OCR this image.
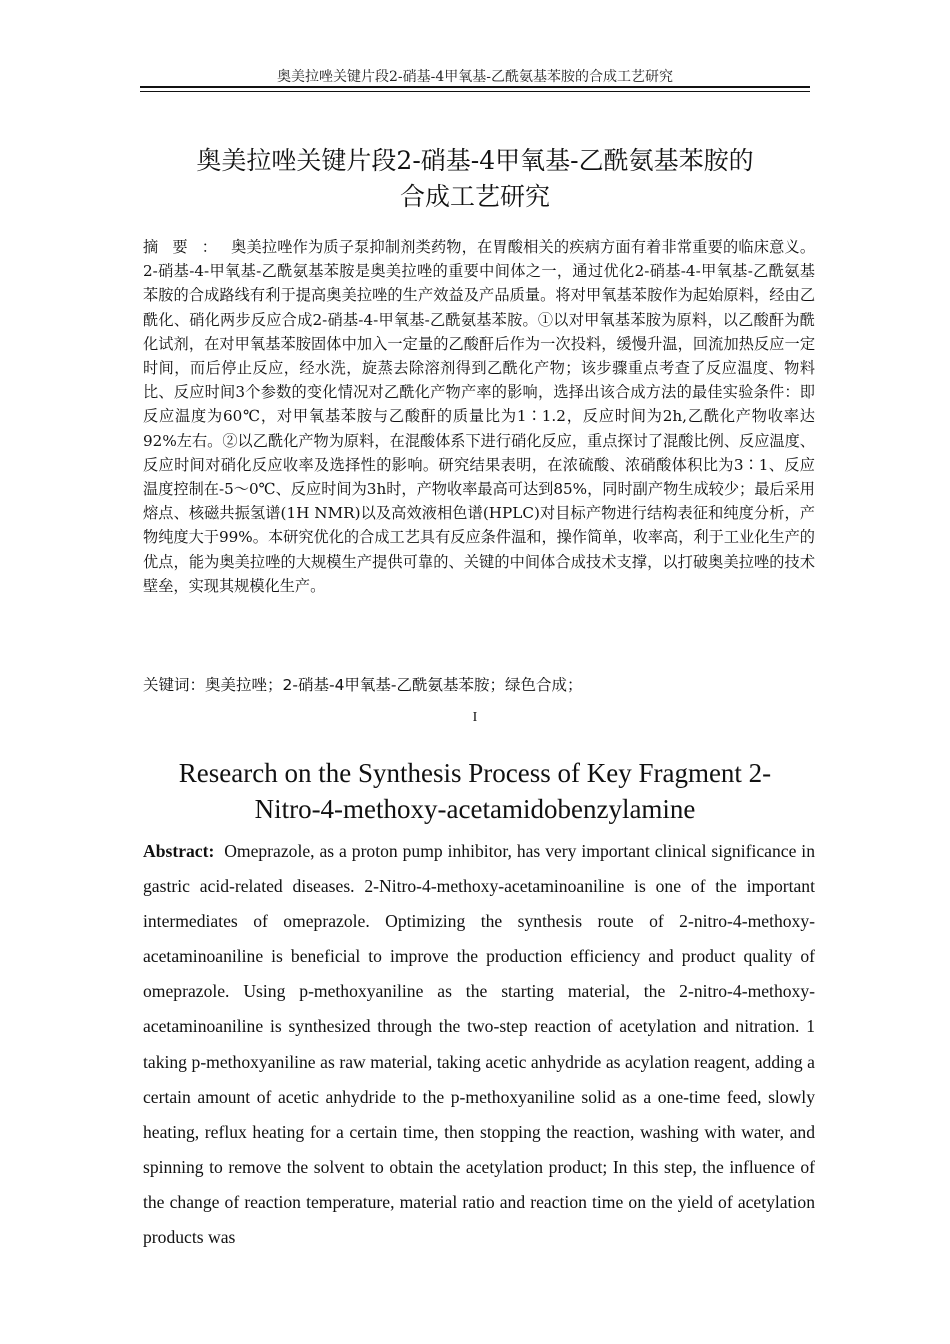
奥美拉唑关键片段2-硝基-4甲氧基-乙酰氨基苯胺的合成工艺研究
奥美拉唑关键片段2-硝基-4甲氧基-乙酰氨基苯胺的
合成工艺研究
摘要：奥美拉唑作为质子泵抑制剂类药物，在胃酸相关的疾病方面有着非常重要的临床意义。2-硝基-4-甲氧基-乙酰氨基苯胺是奥美拉唑的重要中间体之一，通过优化2-硝基-4-甲氧基-乙酰氨基苯胺的合成路线有利于提高奥美拉唑的生产效益及产品质量。将对甲氧基苯胺作为起始原料，经由乙酰化、硝化两步反应合成2-硝基-4-甲氧基-乙酰氨基苯胺。①以对甲氧基苯胺为原料，以乙酸酐为酰化试剂，在对甲氧基苯胺固体中加入一定量的乙酸酐后作为一次投料，缓慢升温，回流加热反应一定时间，而后停止反应，经水洗，旋蒸去除溶剂得到乙酰化产物；该步骤重点考查了反应温度、物料比、反应时间3个参数的变化情况对乙酰化产物产率的影响，选择出该合成方法的最佳实验条件：即反应温度为60℃，对甲氧基苯胺与乙酸酐的质量比为1∶1.2，反应时间为2h,乙酰化产物收率达92%左右。②以乙酰化产物为原料，在混酸体系下进行硝化反应，重点探讨了混酸比例、反应温度、反应时间对硝化反应收率及选择性的影响。研究结果表明，在浓硫酸、浓硝酸体积比为3∶1、反应温度控制在-5～0℃、反应时间为3h时，产物收率最高可达到85%，同时副产物生成较少；最后采用熔点、核磁共振氢谱(1H NMR)以及高效液相色谱(HPLC)对目标产物进行结构表征和纯度分析，产物纯度大于99%。本研究优化的合成工艺具有反应条件温和，操作简单，收率高，利于工业化生产的优点，能为奥美拉唑的大规模生产提供可靠的、关键的中间体合成技术支撑，以打破奥美拉唑的技术壁垒，实现其规模化生产。
关键词：奥美拉唑；2-硝基-4甲氧基-乙酰氨基苯胺；绿色合成；
I
Research on the Synthesis Process of Key Fragment 2-
Nitro-4-methoxy-acetamidobenzylamine
Abstract: Omeprazole, as a proton pump inhibitor, has very important clinical significance in gastric acid-related diseases. 2-Nitro-4-methoxy-acetaminoaniline is one of the important intermediates of omeprazole. Optimizing the synthesis route of 2-nitro-4-methoxy-acetaminoaniline is beneficial to improve the production efficiency and product quality of omeprazole. Using p-methoxyaniline as the starting material, the 2-nitro-4-methoxy-acetaminoaniline is synthesized through the two-step reaction of acetylation and nitration. 1 taking p-methoxyaniline as raw material, taking acetic anhydride as acylation reagent, adding a certain amount of acetic anhydride to the p-methoxyaniline solid as a one-time feed, slowly heating, reflux heating for a certain time, then stopping the reaction, washing with water, and spinning to remove the solvent to obtain the acetylation product; In this step, the influence of the change of reaction temperature, material ratio and reaction time on the yield of acetylation products was
